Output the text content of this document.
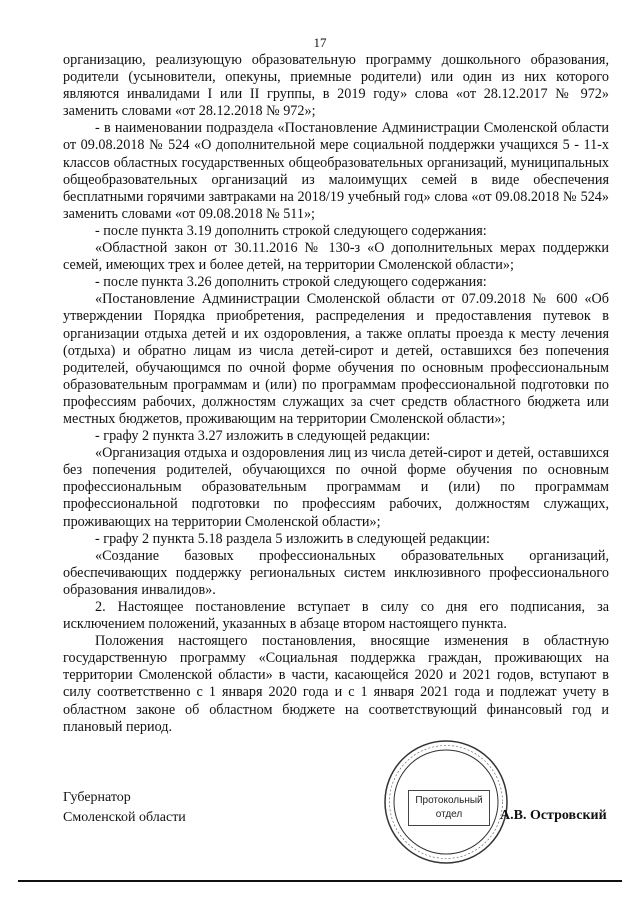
17

организацию, реализующую образовательную программу дошкольного образования, родители (усыновители, опекуны, приемные родители) или один из них которого являются инвалидами I или II группы, в 2019 году» слова «от 28.12.2017 № 972» заменить словами «от 28.12.2018 № 972»;

- в наименовании подраздела «Постановление Администрации Смоленской области от 09.08.2018 № 524 «О дополнительной мере социальной поддержки учащихся 5 - 11-х классов областных государственных общеобразовательных организаций, муниципальных общеобразовательных организаций из малоимущих семей в виде обеспечения бесплатными горячими завтраками на 2018/19 учебный год» слова «от 09.08.2018 № 524» заменить словами «от 09.08.2018 № 511»;

- после пункта 3.19 дополнить строкой следующего содержания:

«Областной закон от 30.11.2016 № 130-з «О дополнительных мерах поддержки семей, имеющих трех и более детей, на территории Смоленской области»;

- после пункта 3.26 дополнить строкой следующего содержания:

«Постановление Администрации Смоленской области от 07.09.2018 № 600 «Об утверждении Порядка приобретения, распределения и предоставления путевок в организации отдыха детей и их оздоровления, а также оплаты проезда к месту лечения (отдыха) и обратно лицам из числа детей-сирот и детей, оставшихся без попечения родителей, обучающимся по очной форме обучения по основным профессиональным образовательным программам и (или) по программам профессиональной подготовки по профессиям рабочих, должностям служащих за счет средств областного бюджета или местных бюджетов, проживающим на территории Смоленской области»;

- графу 2 пункта 3.27 изложить в следующей редакции:

«Организация отдыха и оздоровления лиц из числа детей-сирот и детей, оставшихся без попечения родителей, обучающихся по очной форме обучения по основным профессиональным образовательным программам и (или) по программам профессиональной подготовки по профессиям рабочих, должностям служащих, проживающих на территории Смоленской области»;

- графу 2 пункта 5.18 раздела 5 изложить в следующей редакции:

«Создание базовых профессиональных образовательных организаций, обеспечивающих поддержку региональных систем инклюзивного профессионального образования инвалидов».

2. Настоящее постановление вступает в силу со дня его подписания, за исключением положений, указанных в абзаце втором настоящего пункта.

Положения настоящего постановления, вносящие изменения в областную государственную программу «Социальная поддержка граждан, проживающих на территории Смоленской области» в части, касающейся 2020 и 2021 годов, вступают в силу соответственно с 1 января 2020 года и с 1 января 2021 года и подлежат учету в областном законе об областном бюджете на соответствующий финансовый год и плановый период.

Губернатор
Смоленской области
Протокольный
отдел	А.В. Островский
